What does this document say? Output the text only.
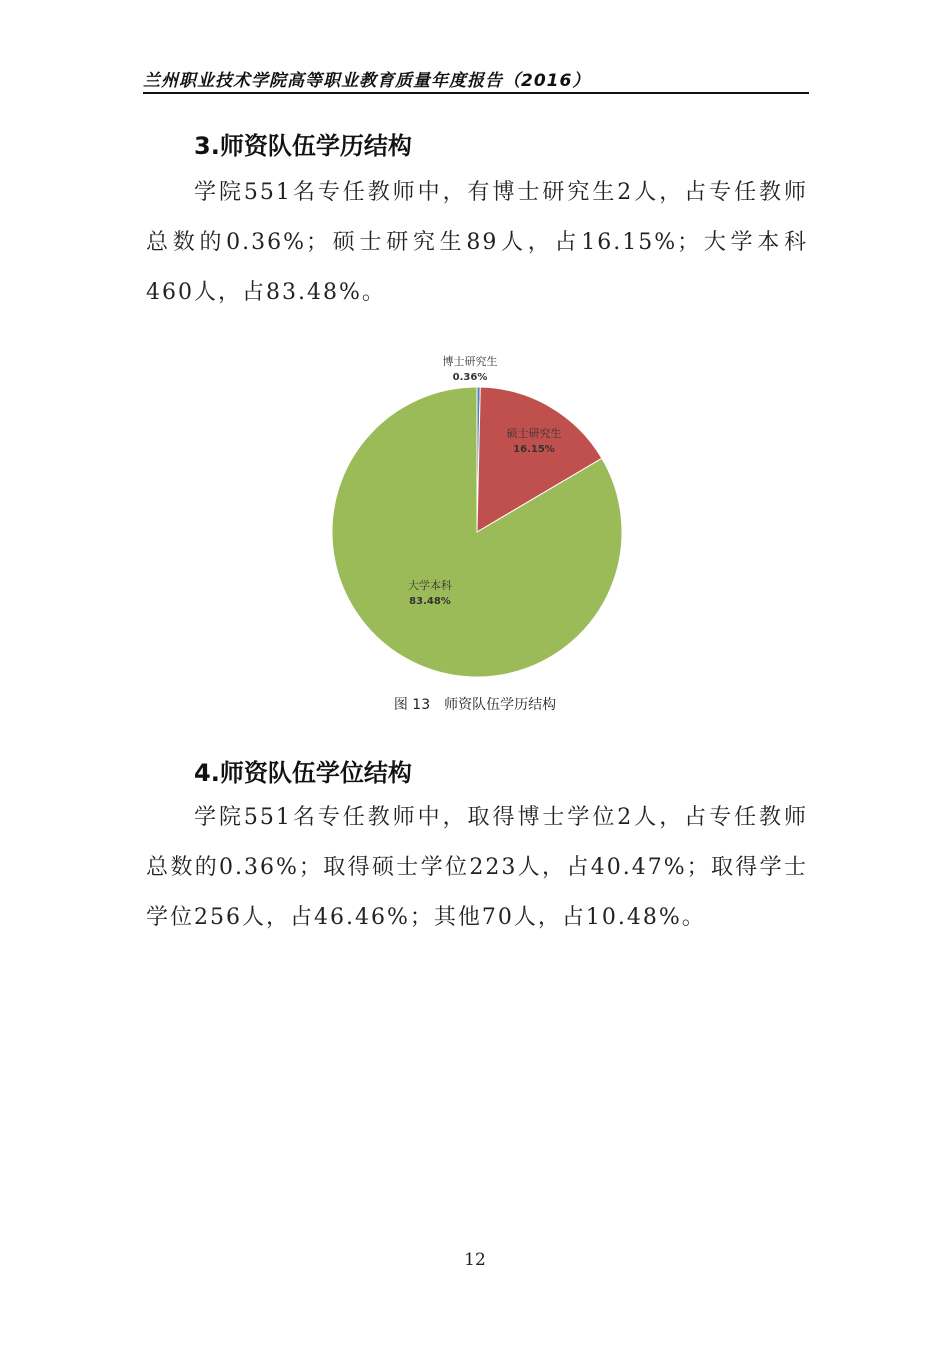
兰州职业技术学院高等职业教育质量年度报告（2016）
3.师资队伍学历结构

学院551名专任教师中，有博士研究生2人，占专任教师总数的0.36%；硕士研究生89人，占16.15%；大学本科460人，占83.48%。

博士研究生
0.36%
硕士研究生
16.15%
大学本科
83.48%
图 13　师资队伍学历结构
4.师资队伍学位结构

学院551名专任教师中，取得博士学位2人，占专任教师总数的0.36%；取得硕士学位223人，占40.47%；取得学士学位256人，占46.46%；其他70人，占10.48%。

12
